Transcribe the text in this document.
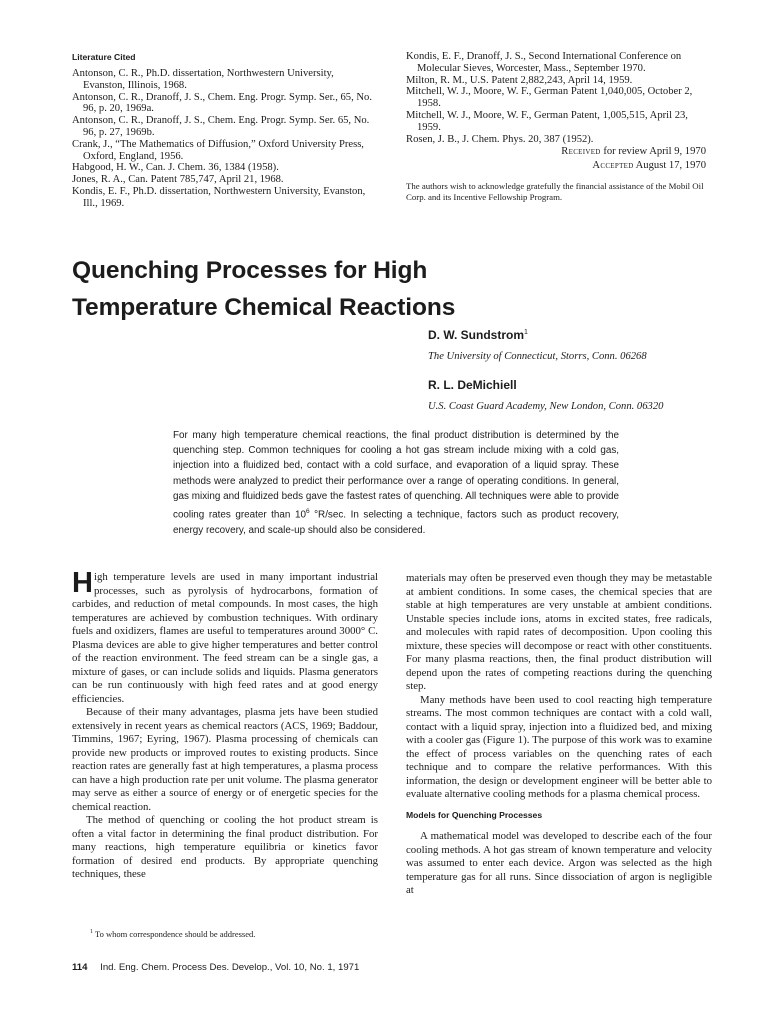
Literature Cited
Antonson, C. R., Ph.D. dissertation, Northwestern University, Evanston, Illinois, 1968.
Antonson, C. R., Dranoff, J. S., Chem. Eng. Progr. Symp. Ser., 65, No. 96, p. 20, 1969a.
Antonson, C. R., Dranoff, J. S., Chem. Eng. Progr. Symp. Ser. 65, No. 96, p. 27, 1969b.
Crank, J., “The Mathematics of Diffusion,” Oxford University Press, Oxford, England, 1956.
Habgood, H. W., Can. J. Chem. 36, 1384 (1958).
Jones, R. A., Can. Patent 785,747, April 21, 1968.
Kondis, E. F., Ph.D. dissertation, Northwestern University, Evanston, Ill., 1969.
Kondis, E. F., Dranoff, J. S., Second International Conference on Molecular Sieves, Worcester, Mass., September 1970.
Milton, R. M., U.S. Patent 2,882,243, April 14, 1959.
Mitchell, W. J., Moore, W. F., German Patent 1,040,005, October 2, 1958.
Mitchell, W. J., Moore, W. F., German Patent, 1,005,515, April 23, 1959.
Rosen, J. B., J. Chem. Phys. 20, 387 (1952).
Received for review April 9, 1970
Accepted August 17, 1970
The authors wish to acknowledge gratefully the financial assistance of the Mobil Oil Corp. and its Incentive Fellowship Program.
Quenching Processes for High
Temperature Chemical Reactions
D. W. Sundstrom$^1$
The University of Connecticut, Storrs, Conn. 06268
R. L. DeMichiell
U.S. Coast Guard Academy, New London, Conn. 06320

For many high temperature chemical reactions, the final product distribution is determined by the quenching step. Common techniques for cooling a hot gas stream include mixing with a cold gas, injection into a fluidized bed, contact with a cold surface, and evaporation of a liquid spray. These methods were analyzed to predict their performance over a range of operating conditions. In general, gas mixing and fluidized beds gave the fastest rates of quenching. All techniques were able to provide cooling rates greater than $10^6$ °R/sec. In selecting a technique, factors such as product recovery, energy recovery, and scale-up should also be considered.

High temperature levels are used in many important industrial processes, such as pyrolysis of hydrocarbons, formation of carbides, and reduction of metal compounds. In most cases, the high temperatures are achieved by combustion techniques. With ordinary fuels and oxidizers, flames are useful to temperatures around 3000° C. Plasma devices are able to give higher temperatures and better control of the reaction environment. The feed stream can be a single gas, a mixture of gases, or can include solids and liquids. Plasma generators can be run continuously with high feed rates and at good energy efficiencies.

Because of their many advantages, plasma jets have been studied extensively in recent years as chemical reactors (ACS, 1969; Baddour, Timmins, 1967; Eyring, 1967). Plasma processing of chemicals can provide new products or improved routes to existing products. Since reaction rates are generally fast at high temperatures, a plasma process can have a high production rate per unit volume. The plasma generator may serve as either a source of energy or of energetic species for the chemical reaction.

The method of quenching or cooling the hot product stream is often a vital factor in determining the final product distribution. For many reactions, high temperature equilibria or kinetics favor formation of desired end products. By appropriate quenching techniques, these

materials may often be preserved even though they may be metastable at ambient conditions. In some cases, the chemical species that are stable at high temperatures are very unstable at ambient conditions. Unstable species include ions, atoms in excited states, free radicals, and molecules with rapid rates of decomposition. Upon cooling this mixture, these species will decompose or react with other constituents. For many plasma reactions, then, the final product distribution will depend upon the rates of competing reactions during the quenching step.

Many methods have been used to cool reacting high temperature streams. The most common techniques are contact with a cold wall, contact with a liquid spray, injection into a fluidized bed, and mixing with a cooler gas (Figure 1). The purpose of this work was to examine the effect of process variables on the quenching rates of each technique and to compare the relative performances. With this information, the design or development engineer will be better able to evaluate alternative cooling methods for a plasma chemical process.

Models for Quenching Processes

A mathematical model was developed to describe each of the four cooling methods. A hot gas stream of known temperature and velocity was assumed to enter each device. Argon was selected as the high temperature gas for all runs. Since dissociation of argon is negligible at

$^1$ To whom correspondence should be addressed.
114 Ind. Eng. Chem. Process Des. Develop., Vol. 10, No. 1, 1971
